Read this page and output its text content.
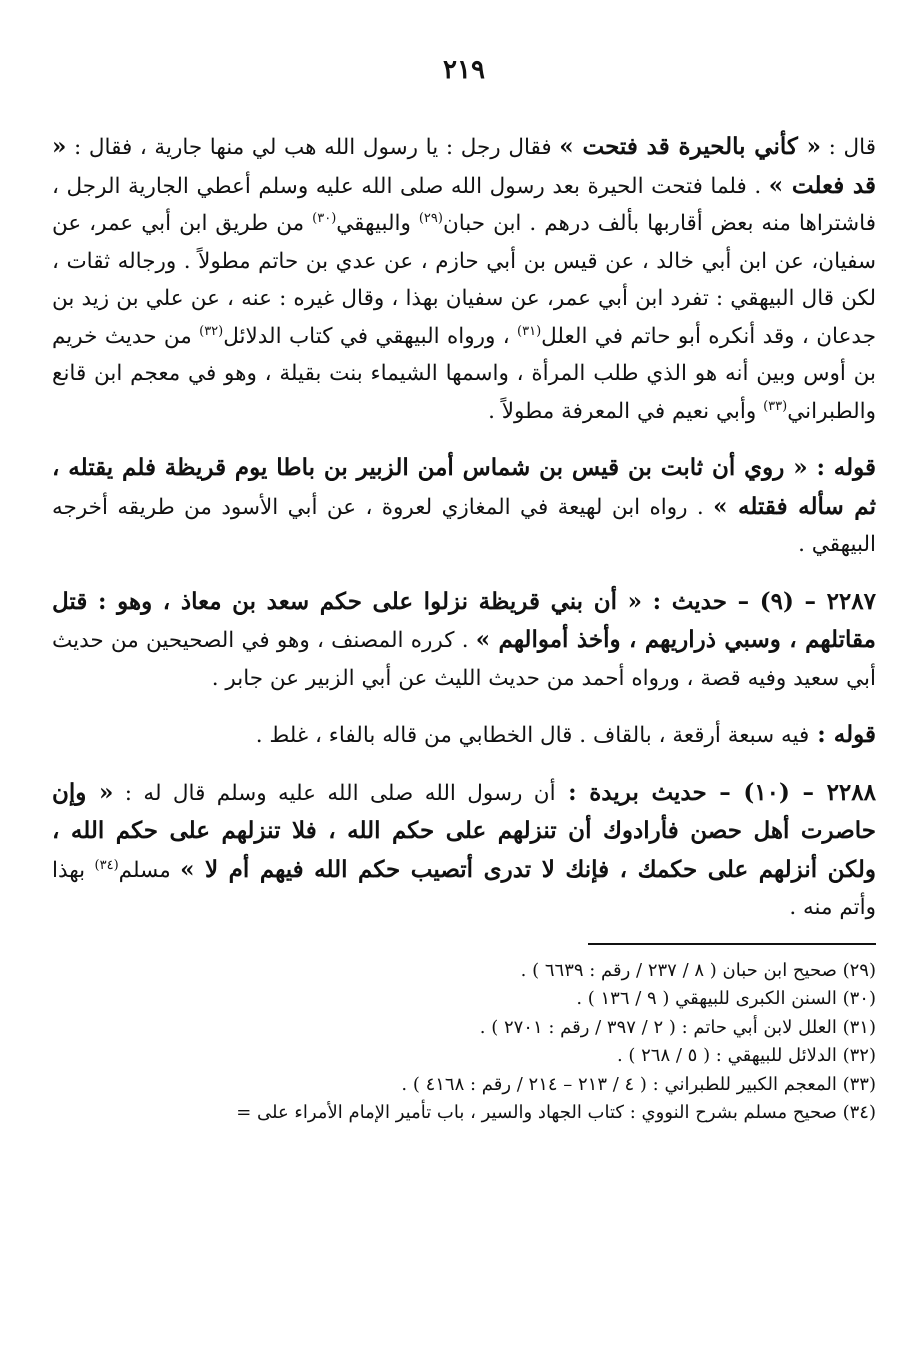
٢١٩

قال : « كأني بالحيرة قد فتحت » فقال رجل : يا رسول الله هب لي منها جارية ، فقال : « قد فعلت » . فلما فتحت الحيرة بعد رسول الله صلى الله عليه وسلم أعطي الجارية الرجل ، فاشتراها منه بعض أقاربها بألف درهم . ابن حبان$^{(٢٩)}$ والبيهقي$^{(٣٠)}$ من طريق ابن أبي عمر، عن سفيان، عن ابن أبي خالد ، عن قيس بن أبي حازم ، عن عدي بن حاتم مطولاً . ورجاله ثقات ، لكن قال البيهقي : تفرد ابن أبي عمر، عن سفيان بهذا ، وقال غيره : عنه ، عن علي بن زيد بن جدعان ، وقد أنكره أبو حاتم في العلل$^{(٣١)}$ ، ورواه البيهقي في كتاب الدلائل$^{(٣٢)}$ من حديث خريم بن أوس وبين أنه هو الذي طلب المرأة ، واسمها الشيماء بنت بقيلة ، وهو في معجم ابن قانع والطبراني$^{(٣٣)}$ وأبي نعيم في المعرفة مطولاً .

قوله : « روي أن ثابت بن قيس بن شماس أمن الزبير بن باطا يوم قريظة فلم يقتله ، ثم سأله فقتله » . رواه ابن لهيعة في المغازي لعروة ، عن أبي الأسود من طريقه أخرجه البيهقي .

٢٢٨٧ – (٩) – حديث : « أن بني قريظة نزلوا على حكم سعد بن معاذ ، وهو : قتل مقاتلهم ، وسبي ذراريهم ، وأخذ أموالهم » . كرره المصنف ، وهو في الصحيحين من حديث أبي سعيد وفيه قصة ، ورواه أحمد من حديث الليث عن أبي الزبير عن جابر .

قوله : فيه سبعة أرقعة ، بالقاف . قال الخطابي من قاله بالفاء ، غلط .

٢٢٨٨ – (١٠) – حديث بريدة : أن رسول الله صلى الله عليه وسلم قال له : « وإن حاصرت أهل حصن فأرادوك أن تنزلهم على حكم الله ، فلا تنزلهم على حكم الله ، ولكن أنزلهم على حكمك ، فإنك لا تدرى أتصيب حكم الله فيهم أم لا » مسلم$^{(٣٤)}$ بهذا وأتم منه .

(٢٩) صحيح ابن حبان ( ٨ / ٢٣٧ / رقم : ٦٦٣٩ ) .

(٣٠) السنن الكبرى للبيهقي ( ٩ / ١٣٦ ) .

(٣١) العلل لابن أبي حاتم : ( ٢ / ٣٩٧ / رقم : ٢٧٠١ ) .

(٣٢) الدلائل للبيهقي : ( ٥ / ٢٦٨ ) .

(٣٣) المعجم الكبير للطبراني : ( ٤ / ٢١٣ – ٢١٤ / رقم : ٤١٦٨ ) .

(٣٤) صحيح مسلم بشرح النووي : كتاب الجهاد والسير ، باب تأمير الإمام الأمراء على =
